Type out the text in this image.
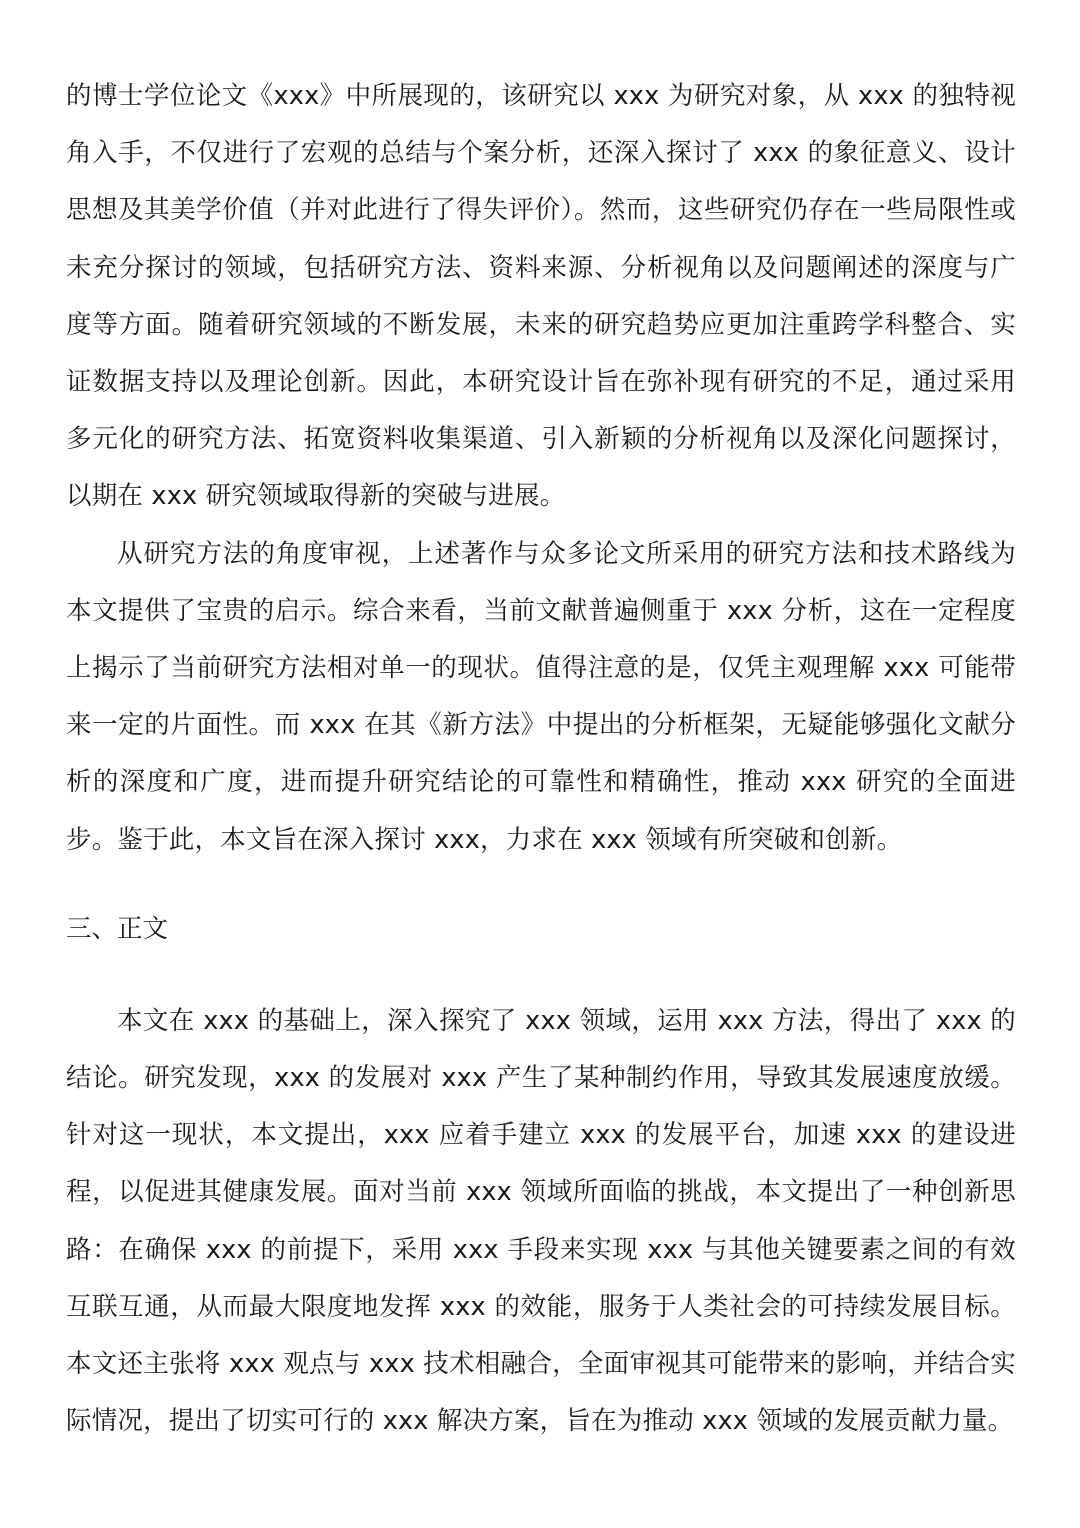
的博士学位论文《xxx》中所展现的，该研究以 xxx 为研究对象，从 xxx 的独特视角入手，不仅进行了宏观的总结与个案分析，还深入探讨了 xxx 的象征意义、设计思想及其美学价值（并对此进行了得失评价）。然而，这些研究仍存在一些局限性或未充分探讨的领域，包括研究方法、资料来源、分析视角以及问题阐述的深度与广度等方面。随着研究领域的不断发展，未来的研究趋势应更加注重跨学科整合、实证数据支持以及理论创新。因此，本研究设计旨在弥补现有研究的不足，通过采用多元化的研究方法、拓宽资料收集渠道、引入新颖的分析视角以及深化问题探讨，以期在 xxx 研究领域取得新的突破与进展。

从研究方法的角度审视，上述著作与众多论文所采用的研究方法和技术路线为本文提供了宝贵的启示。综合来看，当前文献普遍侧重于 xxx 分析，这在一定程度上揭示了当前研究方法相对单一的现状。值得注意的是，仅凭主观理解 xxx 可能带来一定的片面性。而 xxx 在其《新方法》中提出的分析框架，无疑能够强化文献分析的深度和广度，进而提升研究结论的可靠性和精确性，推动 xxx 研究的全面进步。鉴于此，本文旨在深入探讨 xxx，力求在 xxx 领域有所突破和创新。

三、正文

本文在 xxx 的基础上，深入探究了 xxx 领域，运用 xxx 方法，得出了 xxx 的结论。研究发现，xxx 的发展对 xxx 产生了某种制约作用，导致其发展速度放缓。针对这一现状，本文提出，xxx 应着手建立 xxx 的发展平台，加速 xxx 的建设进程，以促进其健康发展。面对当前 xxx 领域所面临的挑战，本文提出了一种创新思路：在确保 xxx 的前提下，采用 xxx 手段来实现 xxx 与其他关键要素之间的有效互联互通，从而最大限度地发挥 xxx 的效能，服务于人类社会的可持续发展目标。本文还主张将 xxx 观点与 xxx 技术相融合，全面审视其可能带来的影响，并结合实际情况，提出了切实可行的 xxx 解决方案，旨在为推动 xxx 领域的发展贡献力量。
